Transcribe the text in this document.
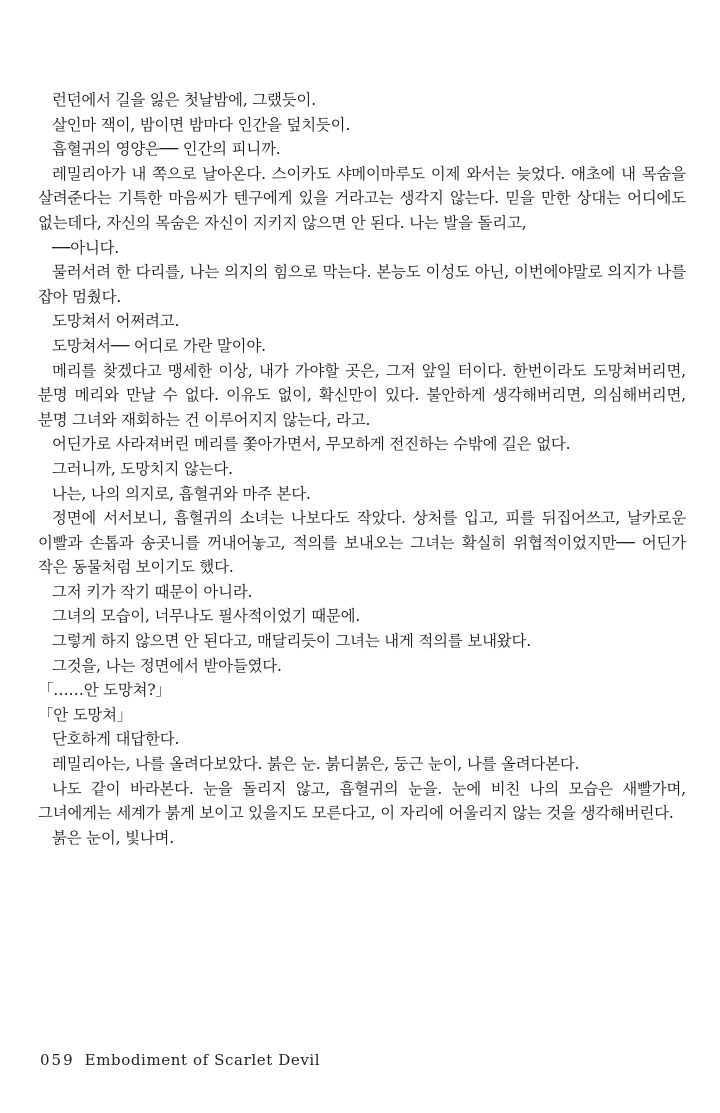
런던에서 길을 잃은 첫날밤에, 그랬듯이.

살인마 잭이, 밤이면 밤마다 인간을 덮치듯이.

흡혈귀의 영양은── 인간의 피니까.

레밀리아가 내 쪽으로 날아온다. 스이카도 샤메이마루도 이제 와서는 늦었다. 애초에 내 목숨을 살려준다는 기특한 마음씨가 텐구에게 있을 거라고는 생각지 않는다. 믿을 만한 상대는 어디에도 없는데다, 자신의 목숨은 자신이 지키지 않으면 안 된다. 나는 발을 돌리고,

──아니다.

물러서려 한 다리를, 나는 의지의 힘으로 막는다. 본능도 이성도 아닌, 이번에야말로 의지가 나를 잡아 멈췄다.

도망쳐서 어쩌려고.

도망쳐서── 어디로 가란 말이야.

메리를 찾겠다고 맹세한 이상, 내가 가야할 곳은, 그저 앞일 터이다. 한번이라도 도망쳐버리면, 분명 메리와 만날 수 없다. 이유도 없이, 확신만이 있다. 불안하게 생각해버리면, 의심해버리면, 분명 그녀와 재회하는 건 이루어지지 않는다, 라고.

어딘가로 사라져버린 메리를 쫓아가면서, 무모하게 전진하는 수밖에 길은 없다.

그러니까, 도망치지 않는다.

나는, 나의 의지로, 흡혈귀와 마주 본다.

정면에 서서보니, 흡혈귀의 소녀는 나보다도 작았다. 상처를 입고, 피를 뒤집어쓰고, 날카로운 이빨과 손톱과 송곳니를 꺼내어놓고, 적의를 보내오는 그녀는 확실히 위협적이었지만── 어딘가 작은 동물처럼 보이기도 했다.

그저 키가 작기 때문이 아니라.

그녀의 모습이, 너무나도 필사적이었기 때문에.

그렇게 하지 않으면 안 된다고, 매달리듯이 그녀는 내게 적의를 보내왔다.

그것을, 나는 정면에서 받아들였다.

「……안 도망쳐?」

「안 도망쳐」

단호하게 대답한다.

레밀리아는, 나를 올려다보았다. 붉은 눈. 붉디붉은, 둥근 눈이, 나를 올려다본다.

나도 같이 바라본다. 눈을 돌리지 않고, 흡혈귀의 눈을. 눈에 비친 나의 모습은 새빨가며, 그녀에게는 세계가 붉게 보이고 있을지도 모른다고, 이 자리에 어울리지 않는 것을 생각해버린다.

붉은 눈이, 빛나며.

059 Embodiment of Scarlet Devil
